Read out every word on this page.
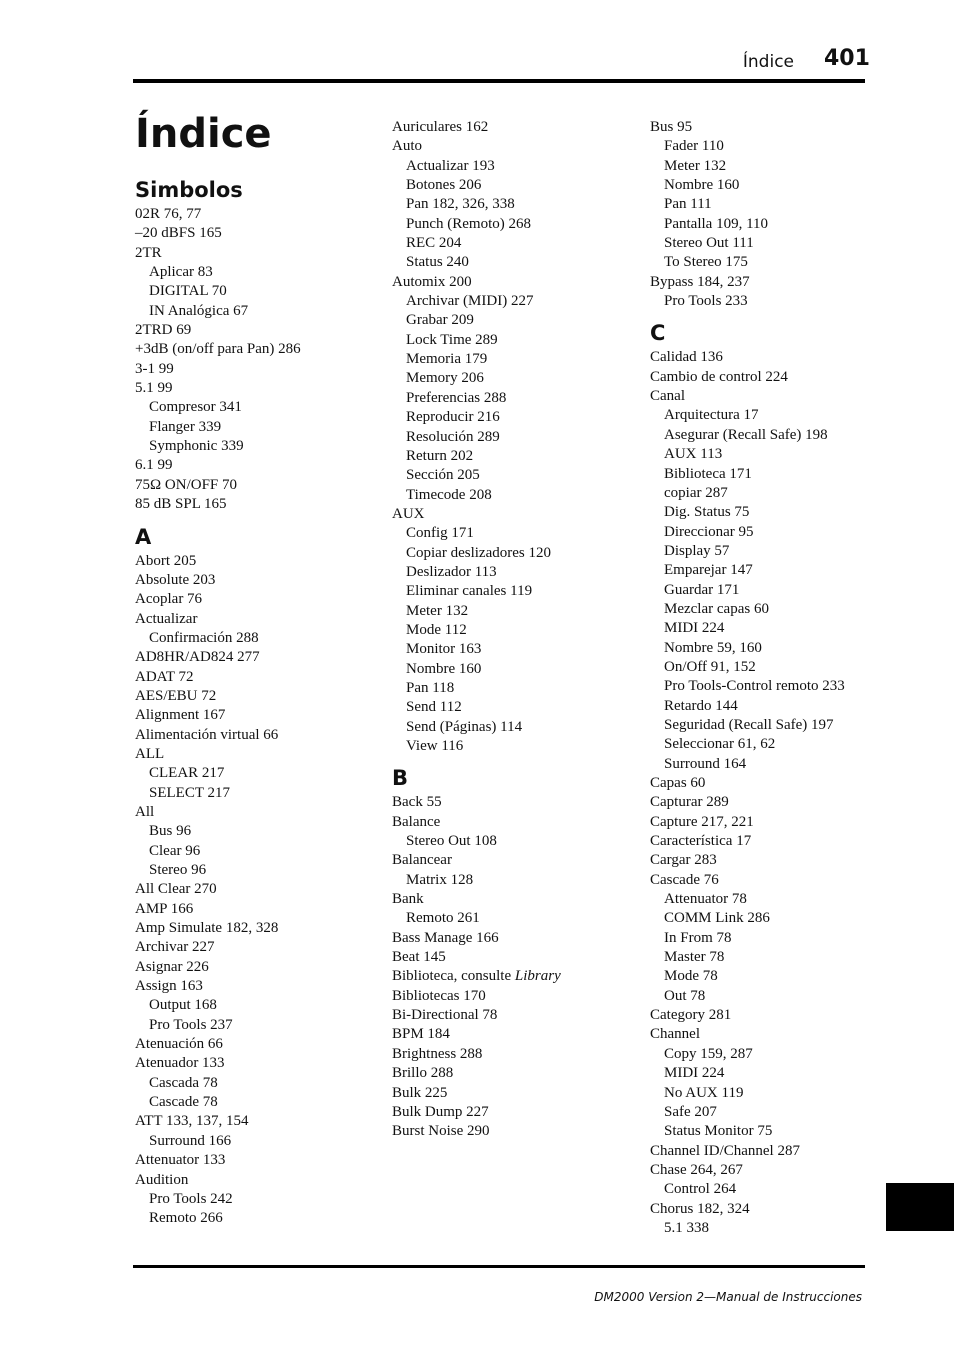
Índice 401
Índice
Simbolos
02R 76, 77
–20 dBFS 165
2TR
Aplicar 83
DIGITAL 70
IN Analógica 67
2TRD 69
+3dB (on/off para Pan) 286
3-1 99
5.1 99
Compresor 341
Flanger 339
Symphonic 339
6.1 99
75Ω ON/OFF 70
85 dB SPL 165
A
Abort 205
Absolute 203
Acoplar 76
Actualizar
Confirmación 288
AD8HR/AD824 277
ADAT 72
AES/EBU 72
Alignment 167
Alimentación virtual 66
ALL
CLEAR 217
SELECT 217
All
Bus 96
Clear 96
Stereo 96
All Clear 270
AMP 166
Amp Simulate 182, 328
Archivar 227
Asignar 226
Assign 163
Output 168
Pro Tools 237
Atenuación 66
Atenuador 133
Cascada 78
Cascade 78
ATT 133, 137, 154
Surround 166
Attenuator 133
Audition
Pro Tools 242
Remoto 266
Auriculares 162
Auto
Actualizar 193
Botones 206
Pan 182, 326, 338
Punch (Remoto) 268
REC 204
Status 240
Automix 200
Archivar (MIDI) 227
Grabar 209
Lock Time 289
Memoria 179
Memory 206
Preferencias 288
Reproducir 216
Resolución 289
Return 202
Sección 205
Timecode 208
AUX
Config 171
Copiar deslizadores 120
Deslizador 113
Eliminar canales 119
Meter 132
Mode 112
Monitor 163
Nombre 160
Pan 118
Send 112
Send (Páginas) 114
View 116
B
Back 55
Balance
Stereo Out 108
Balancear
Matrix 128
Bank
Remoto 261
Bass Manage 166
Beat 145
Biblioteca, consulte Library
Bibliotecas 170
Bi-Directional 78
BPM 184
Brightness 288
Brillo 288
Bulk 225
Bulk Dump 227
Burst Noise 290
Bus 95
Fader 110
Meter 132
Nombre 160
Pan 111
Pantalla 109, 110
Stereo Out 111
To Stereo 175
Bypass 184, 237
Pro Tools 233
C
Calidad 136
Cambio de control 224
Canal
Arquitectura 17
Asegurar (Recall Safe) 198
AUX 113
Biblioteca 171
copiar 287
Dig. Status 75
Direccionar 95
Display 57
Emparejar 147
Guardar 171
Mezclar capas 60
MIDI 224
Nombre 59, 160
On/Off 91, 152
Pro Tools-Control remoto 233
Retardo 144
Seguridad (Recall Safe) 197
Seleccionar 61, 62
Surround 164
Capas 60
Capturar 289
Capture 217, 221
Característica 17
Cargar 283
Cascade 76
Attenuator 78
COMM Link 286
In From 78
Master 78
Mode 78
Out 78
Category 281
Channel
Copy 159, 287
MIDI 224
No AUX 119
Safe 207
Status Monitor 75
Channel ID/Channel 287
Chase 264, 267
Control 264
Chorus 182, 324
5.1 338
DM2000 Version 2—Manual de Instrucciones
